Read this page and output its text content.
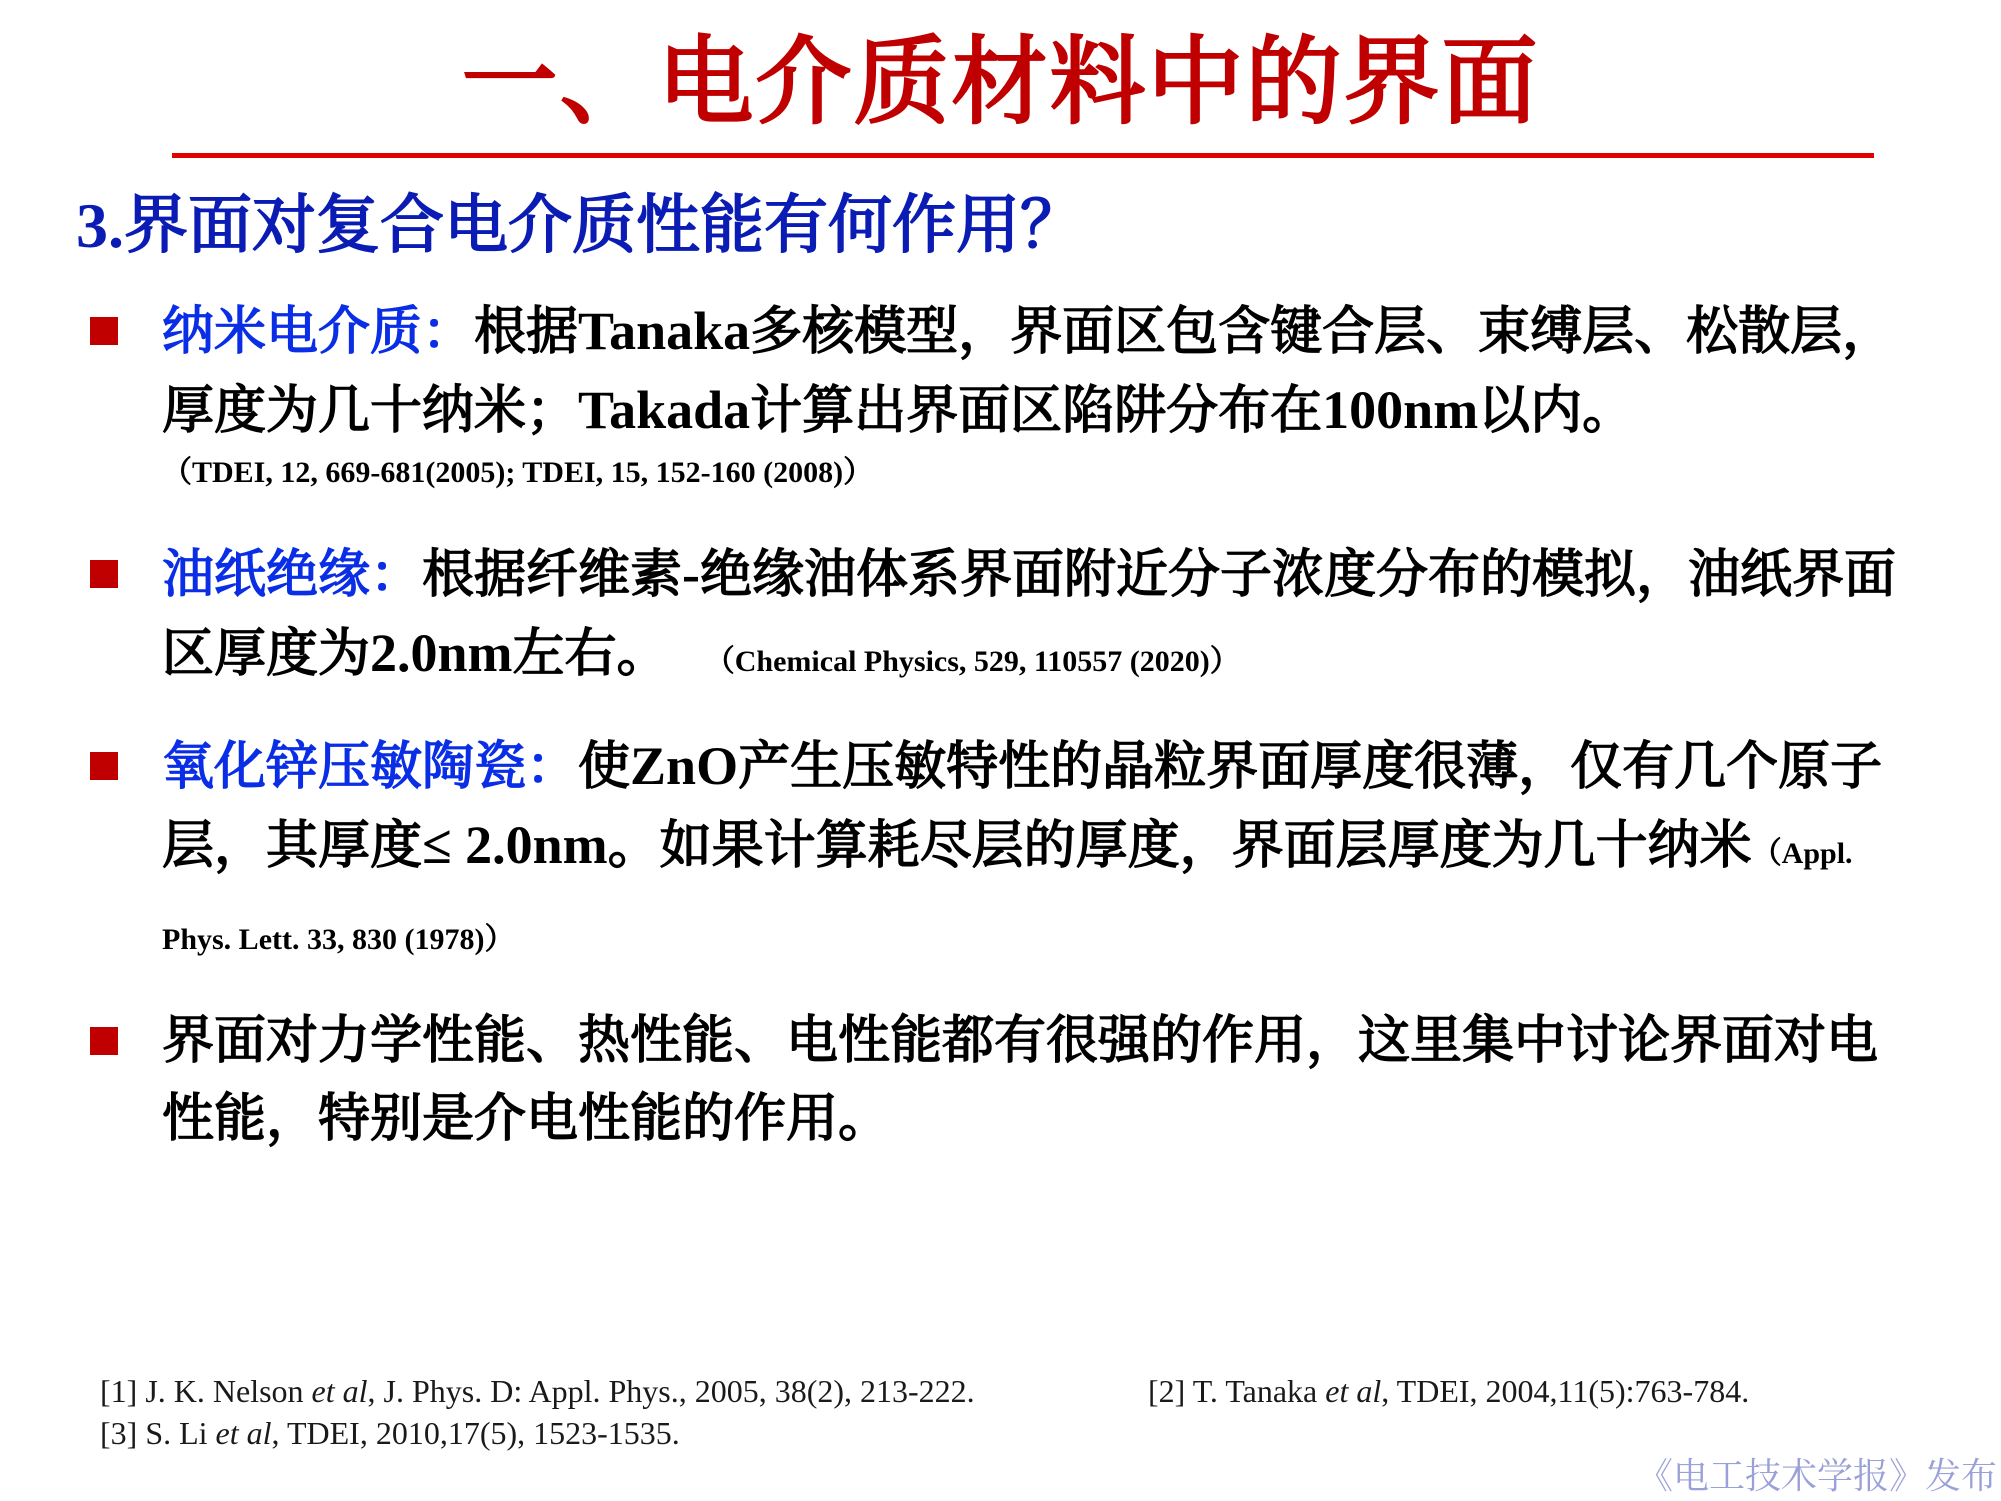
一、电介质材料中的界面
3.界面对复合电介质性能有何作用？
纳米电介质：根据Tanaka多核模型，界面区包含键合层、束缚层、松散层，厚度为几十纳米；Takada计算出界面区陷阱分布在100nm以内。
（TDEI, 12, 669-681(2005); TDEI, 15, 152-160 (2008)）
油纸绝缘：根据纤维素-绝缘油体系界面附近分子浓度分布的模拟，油纸界面区厚度为2.0nm左右。 （Chemical Physics, 529, 110557 (2020)）
氧化锌压敏陶瓷：使ZnO产生压敏特性的晶粒界面厚度很薄，仅有几个原子层，其厚度≤ 2.0nm。如果计算耗尽层的厚度，界面层厚度为几十纳米（Appl. Phys. Lett. 33, 830 (1978)）
界面对力学性能、热性能、电性能都有很强的作用，这里集中讨论界面对电性能，特别是介电性能的作用。
[1] J. K. Nelson et al, J. Phys. D: Appl. Phys., 2005, 38(2), 213-222.	[2] T. Tanaka et al, TDEI, 2004,11(5):763-784.
[3] S. Li et al, TDEI, 2010,17(5), 1523-1535.
《电工技术学报》发布
